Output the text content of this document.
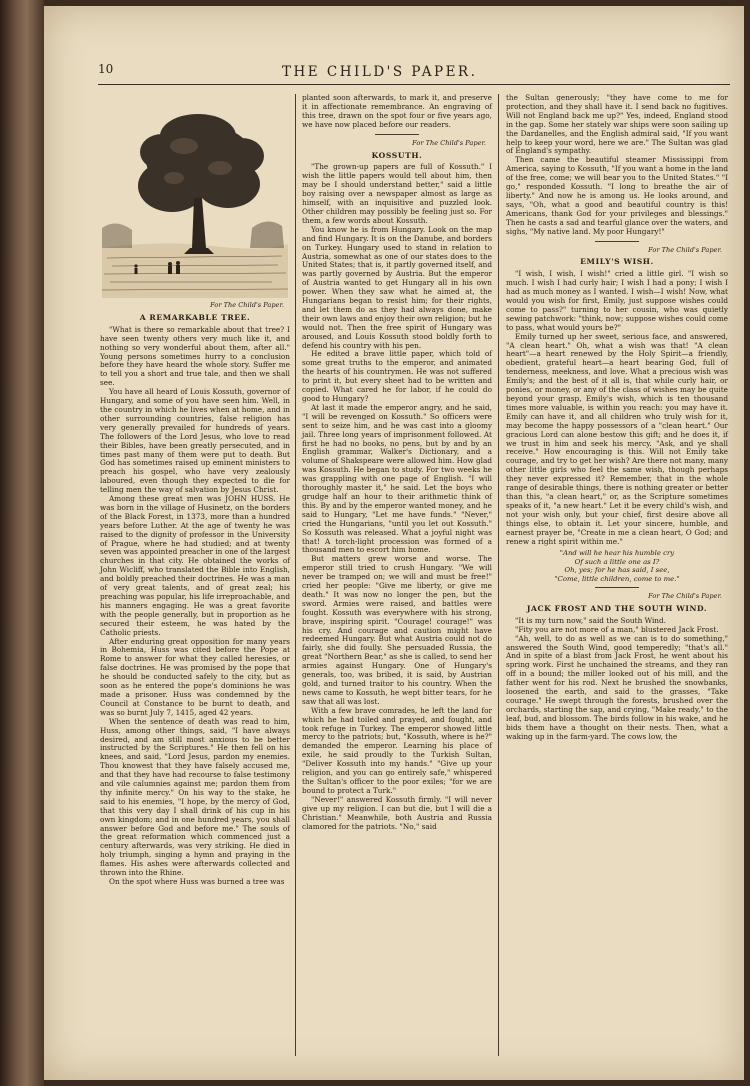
10	THE CHILD'S PAPER.
For The Child's Paper.
A REMARKABLE TREE.

"What is there so remarkable about that tree? I have seen twenty others very much like it, and nothing so very wonderful about them, after all." Young persons sometimes hurry to a conclusion before they have heard the whole story. Suffer me to tell you a short and true tale, and then we shall see.

You have all heard of Louis Kossuth, governor of Hungary, and some of you have seen him. Well, in the country in which he lives when at home, and in other surrounding countries, false religion has very generally prevailed for hundreds of years. The followers of the Lord Jesus, who love to read their Bibles, have been greatly persecuted, and in times past many of them were put to death. But God has sometimes raised up eminent ministers to preach his gospel, who have very zealously laboured, even though they expected to die for telling men the way of salvation by Jesus Christ.

Among these great men was JOHN HUSS. He was born in the village of Husinetz, on the borders of the Black Forest, in 1373, more than a hundred years before Luther. At the age of twenty he was raised to the dignity of professor in the University of Prague, where he had studied; and at twenty seven was appointed preacher in one of the largest churches in that city. He obtained the works of John Wicliff, who translated the Bible into English, and boldly preached their doctrines. He was a man of very great talents, and of great zeal; his preaching was popular, his life irreproachable, and his manners engaging. He was a great favorite with the people generally, but in proportion as he secured their esteem, he was hated by the Catholic priests.

After enduring great opposition for many years in Bohemia, Huss was cited before the Pope at Rome to answer for what they called heresies, or false doctrines. He was promised by the pope that he should be conducted safely to the city, but as soon as he entered the pope's dominions he was made a prisoner. Huss was condemned by the Council at Constance to be burnt to death, and was so burnt July 7, 1415, aged 42 years.

When the sentence of death was read to him, Huss, among other things, said, "I have always desired, and am still most anxious to be better instructed by the Scriptures." He then fell on his knees, and said, "Lord Jesus, pardon my enemies. Thou knowest that they have falsely accused me, and that they have had recourse to false testimony and vile calumnies against me; pardon them from thy infinite mercy." On his way to the stake, he said to his enemies, "I hope, by the mercy of God, that this very day I shall drink of his cup in his own kingdom; and in one hundred years, you shall answer before God and before me." The souls of the great reformation which commenced just a century afterwards, was very striking. He died in holy triumph, singing a hymn and praying in the flames. His ashes were afterwards collected and thrown into the Rhine.

On the spot where Huss was burned a tree was

planted soon afterwards, to mark it, and preserve it in affectionate remembrance. An engraving of this tree, drawn on the spot four or five years ago, we have now placed before our readers.

For The Child's Paper.
KOSSUTH.

"The grown-up papers are full of Kossuth." I wish the little papers would tell about him, then may be I should understand better," said a little boy raising over a newspaper almost as large as himself, with an inquisitive and puzzled look. Other children may possibly be feeling just so. For them, a few words about Kossuth.

You know he is from Hungary. Look on the map and find Hungary. It is on the Danube, and borders on Turkey. Hungary used to stand in relation to Austria, somewhat as one of our states does to the United States; that is, it partly governed itself, and was partly governed by Austria. But the emperor of Austria wanted to get Hungary all in his own power. When they saw what he aimed at, the Hungarians began to resist him; for their rights, and let them do as they had always done, make their own laws and enjoy their own religion; but he would not. Then the free spirit of Hungary was aroused, and Louis Kossuth stood boldly forth to defend his country with his pen.

He edited a brave little paper, which told of some great truths to the emperor, and animated the hearts of his countrymen. He was not suffered to print it, but every sheet had to be written and copied. What cared he for labor, if he could do good to Hungary?

At last it made the emperor angry, and he said, "I will be revenged on Kossuth." So officers were sent to seize him, and he was cast into a gloomy jail. Three long years of imprisonment followed. At first he had no books, no pens, but by and by an English grammar, Walker's Dictionary, and a volume of Shakspeare were allowed him. How glad was Kossuth. He began to study. For two weeks he was grappling with one page of English. "I will thoroughly master it," he said. Let the boys who grudge half an hour to their arithmetic think of this. By and by the emperor wanted money, and he said to Hungary, "Let me have funds." "Never," cried the Hungarians, "until you let out Kossuth." So Kossuth was released. What a joyful night was that! A torch-light procession was formed of a thousand men to escort him home.

But matters grew worse and worse. The emperor still tried to crush Hungary. "We will never be tramped on; we will and must be free!" cried her people: "Give me liberty, or give me death." It was now no longer the pen, but the sword. Armies were raised, and battles were fought. Kossuth was everywhere with his strong, brave, inspiring spirit. "Courage! courage!" was his cry. And courage and caution might have redeemed Hungary. But what Austria could not do fairly, she did foully. She persuaded Russia, the great "Northern Bear," as she is called, to send her armies against Hungary. One of Hungary's generals, too, was bribed, it is said, by Austrian gold, and turned traitor to his country. When the news came to Kossuth, he wept bitter tears, for he saw that all was lost.

With a few brave comrades, he left the land for which he had toiled and prayed, and fought, and took refuge in Turkey. The emperor showed little mercy to the patriots; but, "Kossuth, where is he?" demanded the emperor. Learning his place of exile, he said proudly to the Turkish Sultan, "Deliver Kossuth into my hands." "Give up your religion, and you can go entirely safe," whispered the Sultan's officer to the poor exiles; "for we are bound to protect a Turk."

"Never!" answered Kossuth firmly. "I will never give up my religion. I can but die, but I will die a Christian." Meanwhile, both Austria and Russia clamored for the patriots. "No," said

the Sultan generously; "they have come to me for protection, and they shall have it. I send back no fugitives. Will not England back me up?" Yes, indeed, England stood in the gap. Some her stately war ships were soon sailing up the Dardanelles, and the English admiral said, "If you want help to keep your word, here we are." The Sultan was glad of England's sympathy.

Then came the beautiful steamer Mississippi from America, saying to Kossuth, "If you want a home in the land of the free, come; we will bear you to the United States." "I go," responded Kossuth. "I long to breathe the air of liberty." And now he is among us. He looks around, and says, "Oh, what a good and beautiful country is this! Americans, thank God for your privileges and blessings." Then he casts a sad and tearful glance over the waters, and sighs, "My native land. My poor Hungary!"

For The Child's Paper.
EMILY'S WISH.

"I wish, I wish, I wish!" cried a little girl. "I wish so much. I wish I had curly hair; I wish I had a pony; I wish I had as much money as I wanted. I wish—I wish! Now, what would you wish for first, Emily, just suppose wishes could come to pass?" turning to her cousin, who was quietly sewing patchwork: "think, now; suppose wishes could come to pass, what would yours be?"

Emily turned up her sweet, serious face, and answered, "A clean heart." Oh, what a wish was that! "A clean heart"—a heart renewed by the Holy Spirit—a friendly, obedient, grateful heart—a heart bearing God, full of tenderness, meekness, and love. What a precious wish was Emily's; and the best of it all is, that while curly hair, or ponies, or money, or any of the class of wishes may be quite beyond your grasp, Emily's wish, which is ten thousand times more valuable, is within you reach: you may have it. Emily can have it, and all children who truly wish for it, may become the happy possessors of a "clean heart." Our gracious Lord can alone bestow this gift; and he does it, if we trust in him and seek his mercy. "Ask, and ye shall receive." How encouraging is this. Will not Emily take courage, and try to get her wish? Are there not many, many other little girls who feel the same wish, though perhaps they never expressed it? Remember, that in the whole range of desirable things, there is nothing greater or better than this, "a clean heart," or, as the Scripture sometimes speaks of it, "a new heart." Let it be every child's wish, and not your wish only, but your chief, first desire above all things else, to obtain it. Let your sincere, humble, and earnest prayer be, "Create in me a clean heart, O God; and renew a right spirit within me."

"And will he hear his humble cry
Of such a little one as I?
Oh, yes; for he has said, I see,
"Come, little children, come to me."
For The Child's Paper.
JACK FROST AND THE SOUTH WIND.

"It is my turn now," said the South Wind.

"Fity you are not more of a man," blustered Jack Frost.

"Ah, well, to do as well as we can is to do something," answered the South Wind, good temperedly; "that's all." And in spite of a blast from Jack Frost, he went about his spring work. First he unchained the streams, and they ran off in a bound; the miller looked out of his mill, and the father went for his rod. Next he brushed the snowbanks, loosened the earth, and said to the grasses, "Take courage." He swept through the forests, brushed over the orchards, starting the sap, and crying, "Make ready," to the leaf, bud, and blossom. The birds follow in his wake, and he bids them have a thought on their nests. Then, what a waking up in the farm-yard. The cows low, the
